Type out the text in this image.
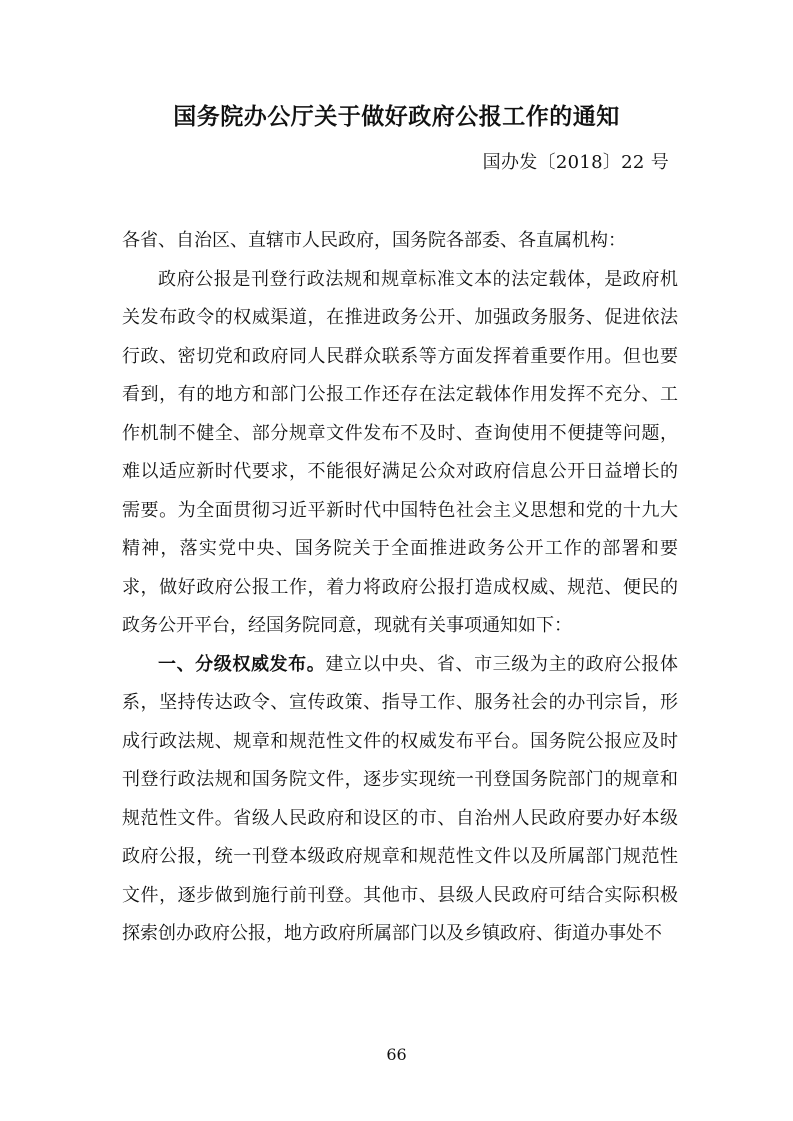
国务院办公厅关于做好政府公报工作的通知
国办发〔2018〕22 号

各省、自治区、直辖市人民政府，国务院各部委、各直属机构：

政府公报是刊登行政法规和规章标准文本的法定载体，是政府机关发布政令的权威渠道，在推进政务公开、加强政务服务、促进依法行政、密切党和政府同人民群众联系等方面发挥着重要作用。但也要看到，有的地方和部门公报工作还存在法定载体作用发挥不充分、工作机制不健全、部分规章文件发布不及时、查询使用不便捷等问题，难以适应新时代要求，不能很好满足公众对政府信息公开日益增长的需要。为全面贯彻习近平新时代中国特色社会主义思想和党的十九大精神，落实党中央、国务院关于全面推进政务公开工作的部署和要求，做好政府公报工作，着力将政府公报打造成权威、规范、便民的政务公开平台，经国务院同意，现就有关事项通知如下：

一、分级权威发布。建立以中央、省、市三级为主的政府公报体系，坚持传达政令、宣传政策、指导工作、服务社会的办刊宗旨，形成行政法规、规章和规范性文件的权威发布平台。国务院公报应及时刊登行政法规和国务院文件，逐步实现统一刊登国务院部门的规章和规范性文件。省级人民政府和设区的市、自治州人民政府要办好本级政府公报，统一刊登本级政府规章和规范性文件以及所属部门规范性文件，逐步做到施行前刊登。其他市、县级人民政府可结合实际积极探索创办政府公报，地方政府所属部门以及乡镇政府、街道办事处不

66
